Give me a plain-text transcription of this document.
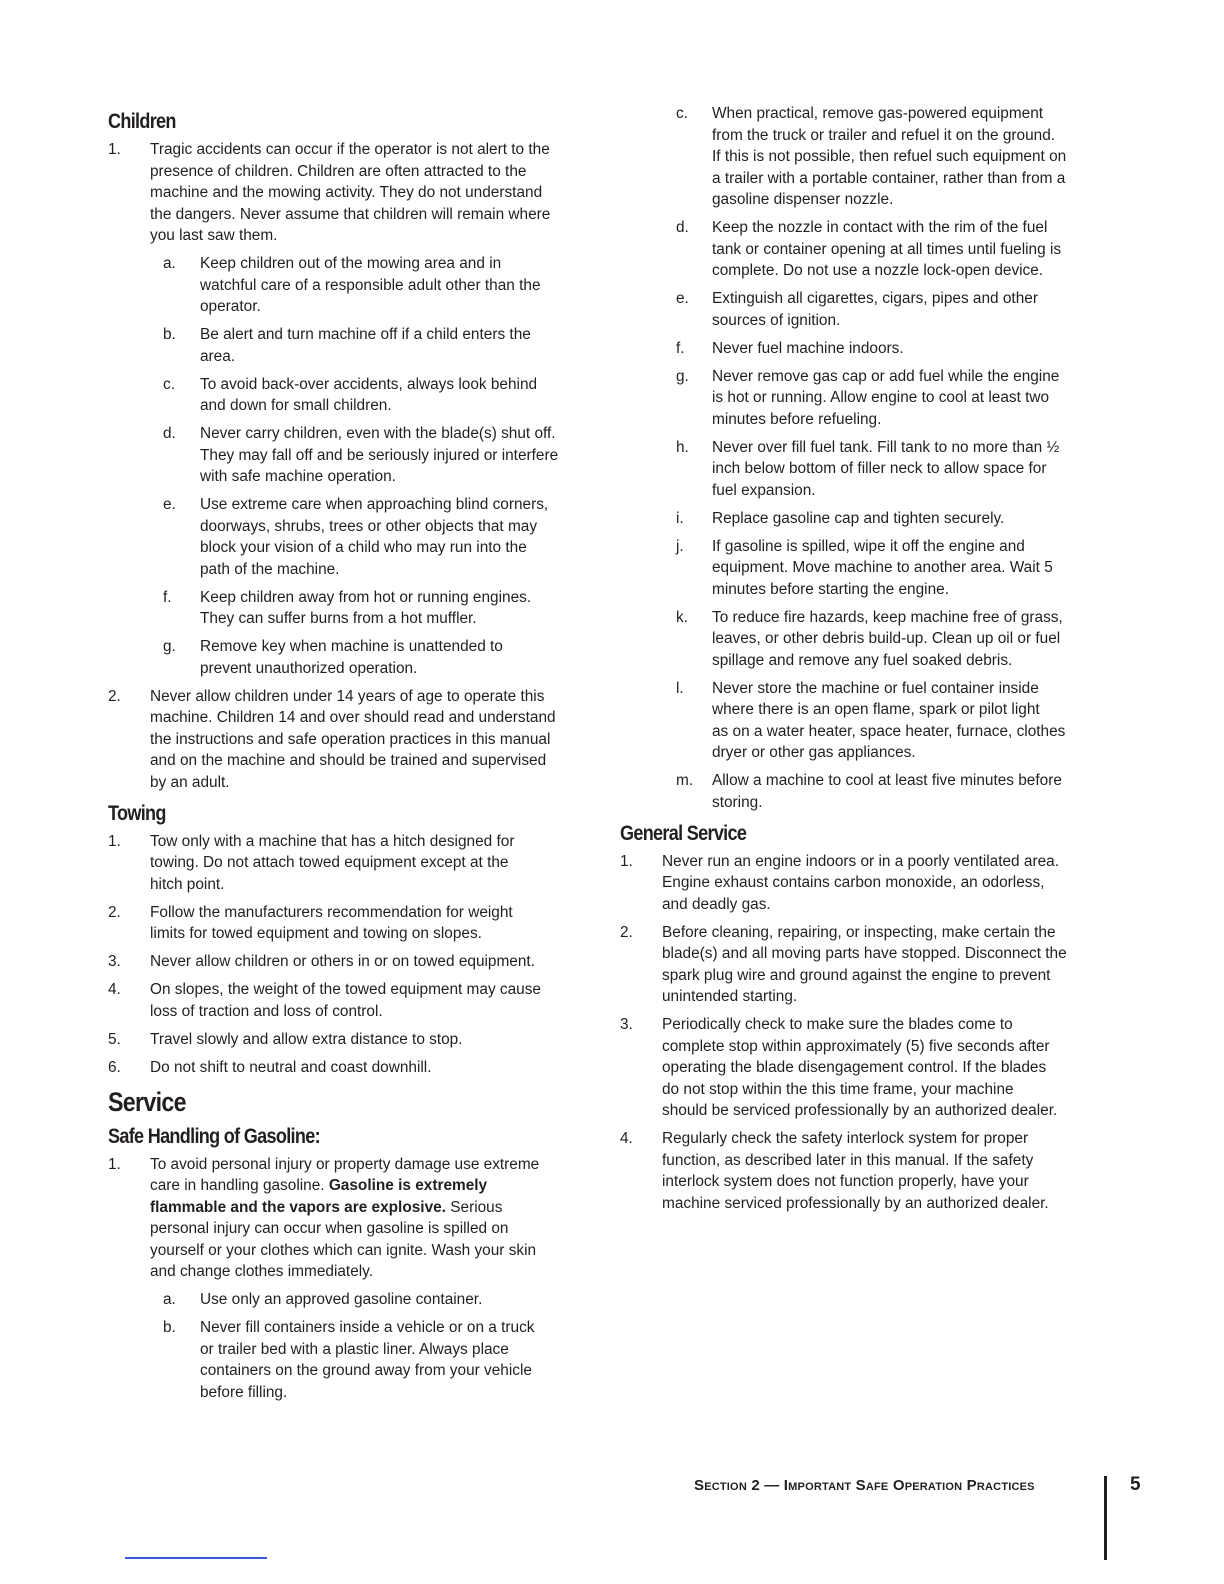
Children
1.	Tragic accidents can occur if the operator is not alert to the
presence of children. Children are often attracted to the
machine and the mowing activity. They do not understand
the dangers. Never assume that children will remain where
you last saw them.
a.	Keep children out of the mowing area and in
watchful care of a responsible adult other than the
operator.
b.	Be alert and turn machine off if a child enters the
area.
c.	To avoid back-over accidents, always look behind
and down for small children.
d.	Never carry children, even with the blade(s) shut off.
They may fall off and be seriously injured or interfere
with safe machine operation.
e.	Use extreme care when approaching blind corners,
doorways, shrubs, trees or other objects that may
block your vision of a child who may run into the
path of the machine.
f.	Keep children away from hot or running engines.
They can suffer burns from a hot muffler.
g.	Remove key when machine is unattended to
prevent unauthorized operation.
2.	Never allow children under 14 years of age to operate this
machine. Children 14 and over should read and understand
the instructions and safe operation practices in this manual
and on the machine and should be trained and supervised
by an adult.
Towing
1.	Tow only with a machine that has a hitch designed for
towing. Do not attach towed equipment except at the
hitch point.
2.	Follow the manufacturers recommendation for weight
limits for towed equipment and towing on slopes.
3.	Never allow children or others in or on towed equipment.
4.	On slopes, the weight of the towed equipment may cause
loss of traction and loss of control.
5.	Travel slowly and allow extra distance to stop.
6.	Do not shift to neutral and coast downhill.
Service
Safe Handling of Gasoline:
1.	To avoid personal injury or property damage use extreme
care in handling gasoline. Gasoline is extremely
flammable and the vapors are explosive. Serious
personal injury can occur when gasoline is spilled on
yourself or your clothes which can ignite. Wash your skin
and change clothes immediately.
a.	Use only an approved gasoline container.
b.	Never fill containers inside a vehicle or on a truck
or trailer bed with a plastic liner. Always place
containers on the ground away from your vehicle
before filling.
c.	When practical, remove gas-powered equipment
from the truck or trailer and refuel it on the ground.
If this is not possible, then refuel such equipment on
a trailer with a portable container, rather than from a
gasoline dispenser nozzle.
d.	Keep the nozzle in contact with the rim of the fuel
tank or container opening at all times until fueling is
complete. Do not use a nozzle lock-open device.
e.	Extinguish all cigarettes, cigars, pipes and other
sources of ignition.
f.	Never fuel machine indoors.
g.	Never remove gas cap or add fuel while the engine
is hot or running. Allow engine to cool at least two
minutes before refueling.
h.	Never over fill fuel tank. Fill tank to no more than ½
inch below bottom of filler neck to allow space for
fuel expansion.
i.	Replace gasoline cap and tighten securely.
j.	If gasoline is spilled, wipe it off the engine and
equipment. Move machine to another area. Wait 5
minutes before starting the engine.
k.	To reduce fire hazards, keep machine free of grass,
leaves, or other debris build-up. Clean up oil or fuel
spillage and remove any fuel soaked debris.
l.	Never store the machine or fuel container inside
where there is an open flame, spark or pilot light
as on a water heater, space heater, furnace, clothes
dryer or other gas appliances.
m.	Allow a machine to cool at least five minutes before
storing.
General Service
1.	Never run an engine indoors or in a poorly ventilated area.
Engine exhaust contains carbon monoxide, an odorless,
and deadly gas.
2.	Before cleaning, repairing, or inspecting, make certain the
blade(s) and all moving parts have stopped. Disconnect the
spark plug wire and ground against the engine to prevent
unintended starting.
3.	Periodically check to make sure the blades come to
complete stop within approximately (5) five seconds after
operating the blade disengagement control. If the blades
do not stop within the this time frame, your machine
should be serviced professionally by an authorized dealer.
4.	Regularly check the safety interlock system for proper
function, as described later in this manual. If the safety
interlock system does not function properly, have your
machine serviced professionally by an authorized dealer.
Section 2 — Important Safe Operation Practices	5
